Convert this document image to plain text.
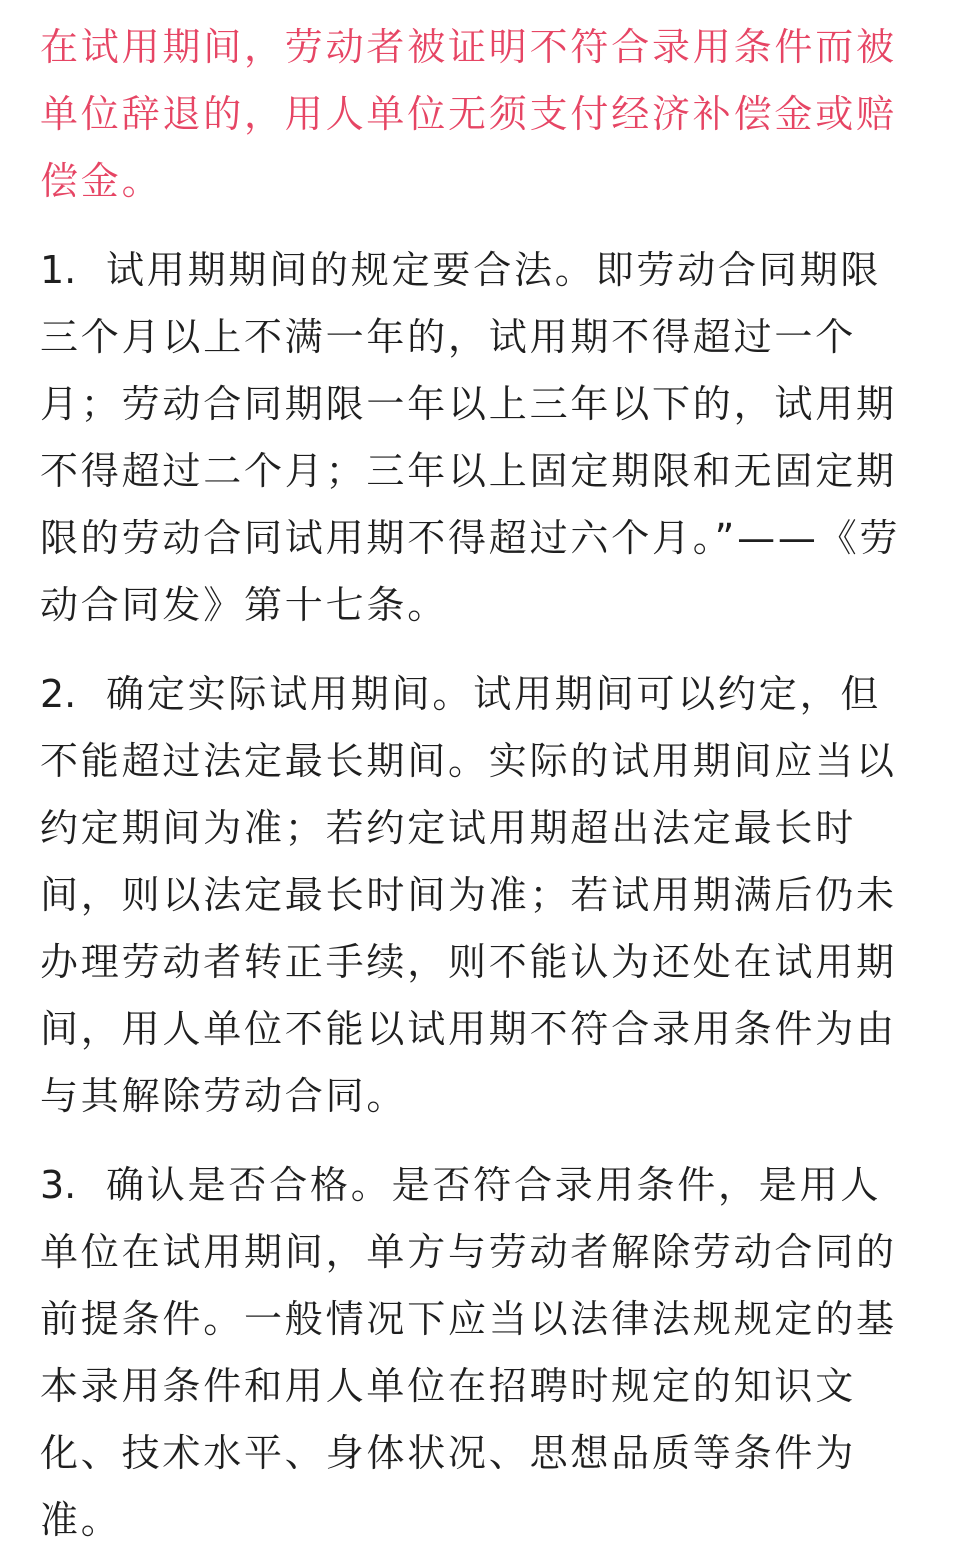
在试用期间，劳动者被证明不符合录用条件而被单位辞退的，用人单位无须支付经济补偿金或赔偿金。

1. 试用期期间的规定要合法。即劳动合同期限三个月以上不满一年的，试用期不得超过一个月；劳动合同期限一年以上三年以下的，试用期不得超过二个月；三年以上固定期限和无固定期限的劳动合同试用期不得超过六个月。”——《劳动合同发》第十七条。

2. 确定实际试用期间。试用期间可以约定，但不能超过法定最长期间。实际的试用期间应当以约定期间为准；若约定试用期超出法定最长时间，则以法定最长时间为准；若试用期满后仍未办理劳动者转正手续，则不能认为还处在试用期间，用人单位不能以试用期不符合录用条件为由与其解除劳动合同。

3. 确认是否合格。是否符合录用条件，是用人单位在试用期间，单方与劳动者解除劳动合同的前提条件。一般情况下应当以法律法规规定的基本录用条件和用人单位在招聘时规定的知识文化、技术水平、身体状况、思想品质等条件为准。
